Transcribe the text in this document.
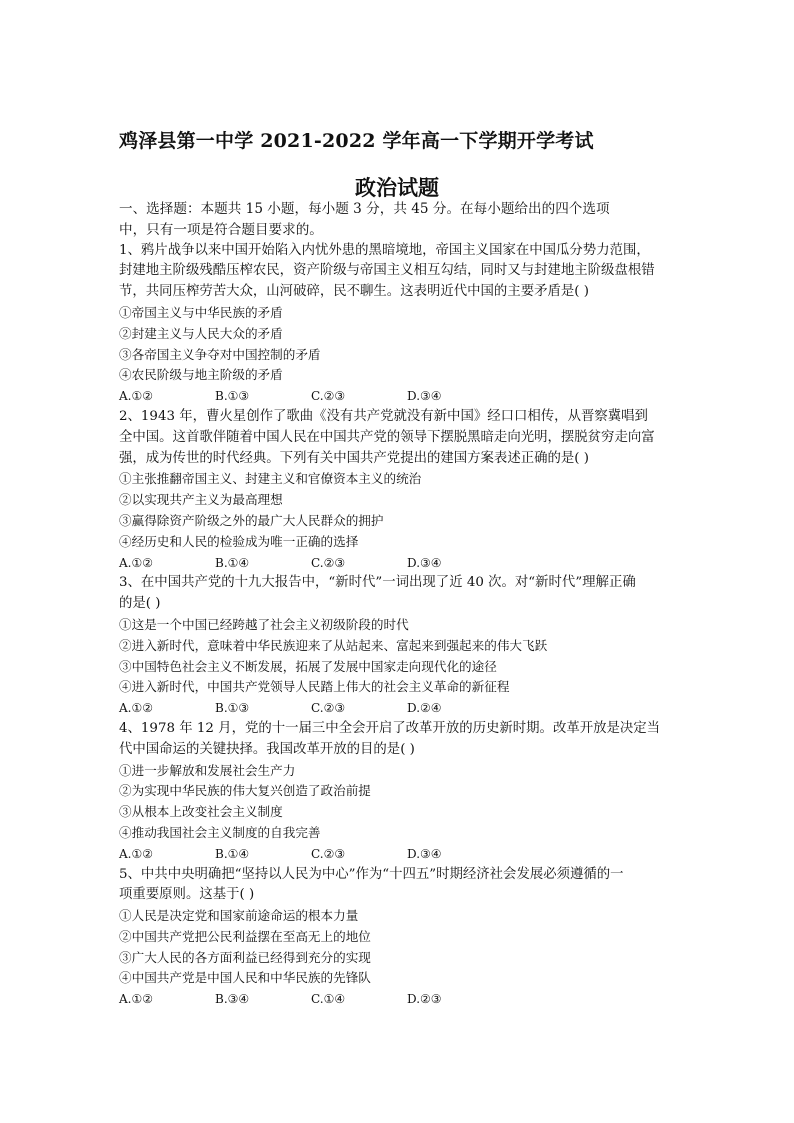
鸡泽县第一中学 2021-2022 学年高一下学期开学考试
政治试题
一、选择题：本题共 15 小题，每小题 3 分，共 45 分。在每小题给出的四个选项
中，只有一项是符合题目要求的。
1、鸦片战争以来中国开始陷入内忧外患的黑暗境地，帝国主义国家在中国瓜分势力范围，
封建地主阶级残酷压榨农民，资产阶级与帝国主义相互勾结，同时又与封建地主阶级盘根错
节，共同压榨劳苦大众，山河破碎，民不聊生。这表明近代中国的主要矛盾是( )
①帝国主义与中华民族的矛盾
②封建主义与人民大众的矛盾
③各帝国主义争夺对中国控制的矛盾
④农民阶级与地主阶级的矛盾
A.①②	B.①③	C.②③	D.③④
2、1943 年，曹火星创作了歌曲《没有共产党就没有新中国》经口口相传，从晋察冀唱到
全中国。这首歌伴随着中国人民在中国共产党的领导下摆脱黑暗走向光明，摆脱贫穷走向富
强，成为传世的时代经典。下列有关中国共产党提出的建国方案表述正确的是( )
①主张推翻帝国主义、封建主义和官僚资本主义的统治
②以实现共产主义为最高理想
③赢得除资产阶级之外的最广大人民群众的拥护
④经历史和人民的检验成为唯一正确的选择
A.①②	B.①④	C.②③	D.③④
3、在中国共产党的十九大报告中，“新时代”一词出现了近 40 次。对“新时代”理解正确
的是( )
①这是一个中国已经跨越了社会主义初级阶段的时代
②进入新时代，意味着中华民族迎来了从站起来、富起来到强起来的伟大飞跃
③中国特色社会主义不断发展，拓展了发展中国家走向现代化的途径
④进入新时代，中国共产党领导人民踏上伟大的社会主义革命的新征程
A.①②	B.①③	C.②③	D.②④
4、1978 年 12 月，党的十一届三中全会开启了改革开放的历史新时期。改革开放是决定当
代中国命运的关键抉择。我国改革开放的目的是( )
①进一步解放和发展社会生产力
②为实现中华民族的伟大复兴创造了政治前提
③从根本上改变社会主义制度
④推动我国社会主义制度的自我完善
A.①②	B.①④	C.②③	D.③④
5、中共中央明确把“坚持以人民为中心”作为“十四五”时期经济社会发展必须遵循的一
项重要原则。这基于( )
①人民是决定党和国家前途命运的根本力量
②中国共产党把公民利益摆在至高无上的地位
③广大人民的各方面利益已经得到充分的实现
④中国共产党是中国人民和中华民族的先锋队
A.①②	B.③④	C.①④	D.②③
